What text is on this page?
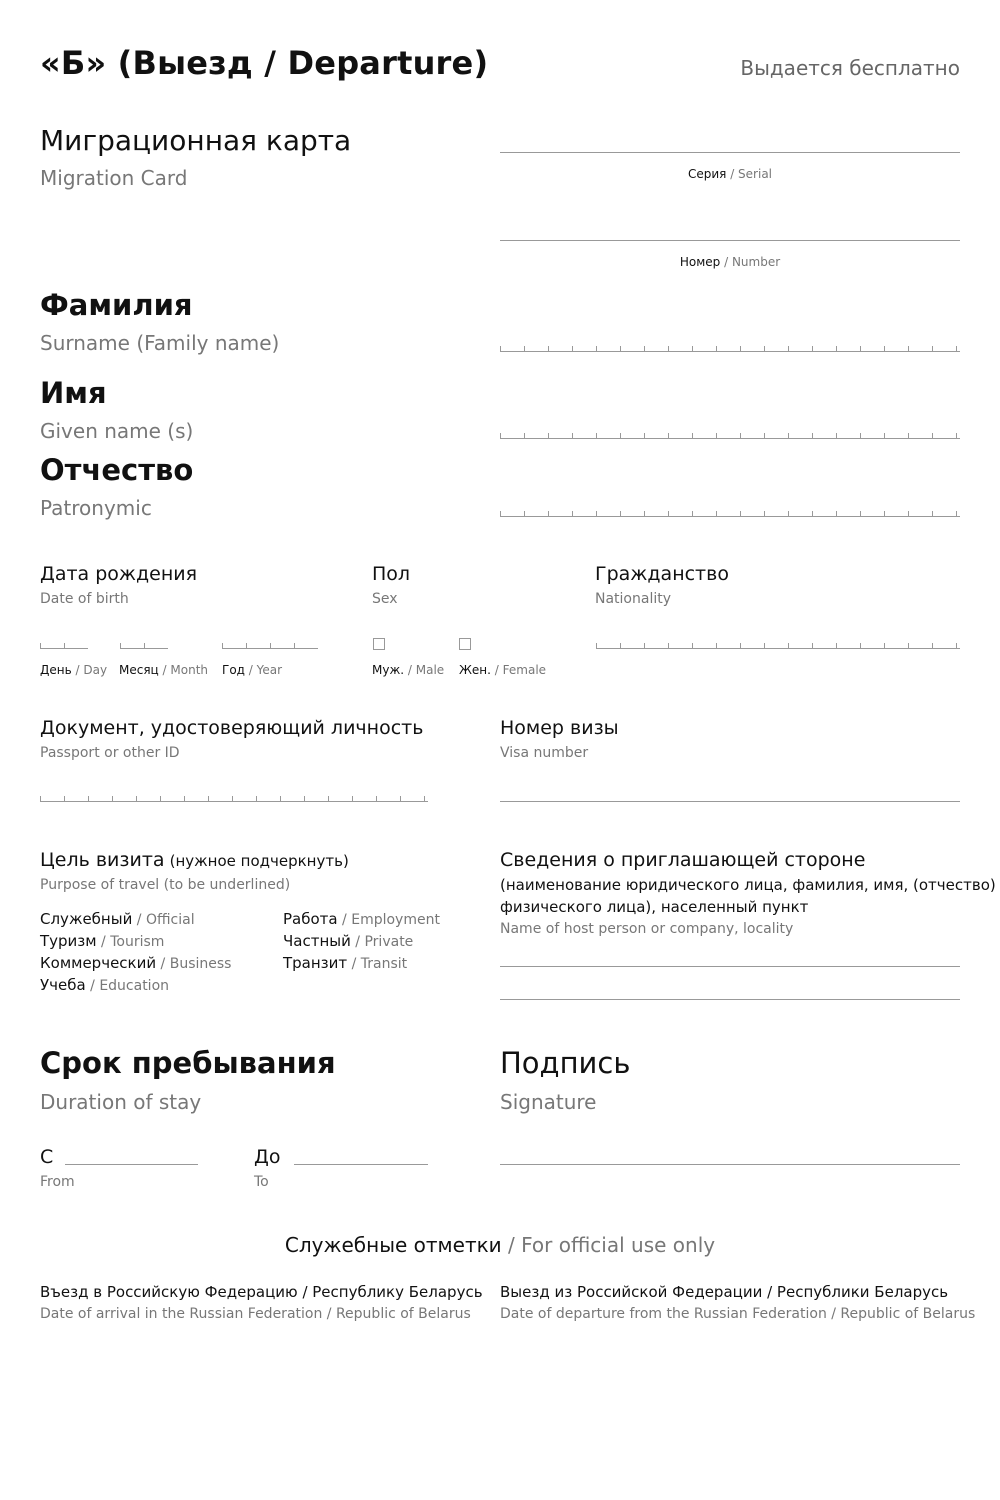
«Б» (Выезд / Departure)	Выдается бесплатно
Миграционная карта
Migration Card	Серия / Serial
Номер / Number
Фамилия
Surname (Family name)
Имя
Given name (s)
Отчество
Patronymic
Дата рождения
Date of birth
День / Day Месяц / Month Год / Year
Пол
Sex
Муж. / Male Жен. / Female
Гражданство
Nationality
Документ, удостоверяющий личность
Passport or other ID
Номер визы
Visa number
Цель визита (нужное подчеркнуть)
Purpose of travel (to be underlined)
Служебный / Official
Туризм / Tourism
Коммерческий / Business
Учеба / Education
Работа / Employment
Частный / Private
Транзит / Transit
Сведения о приглашающей стороне
(наименование юридического лица, фамилия, имя, (отчество)
физического лица), населенный пункт
Name of host person or company, locality
Срок пребывания
Duration of stay
С
From
До
To
Подпись
Signature
Служебные отметки / For official use only
Въезд в Российскую Федерацию / Республику Беларусь
Date of arrival in the Russian Federation / Republic of Belarus
Выезд из Российской Федерации / Республики Беларусь
Date of departure from the Russian Federation / Republic of Belarus
